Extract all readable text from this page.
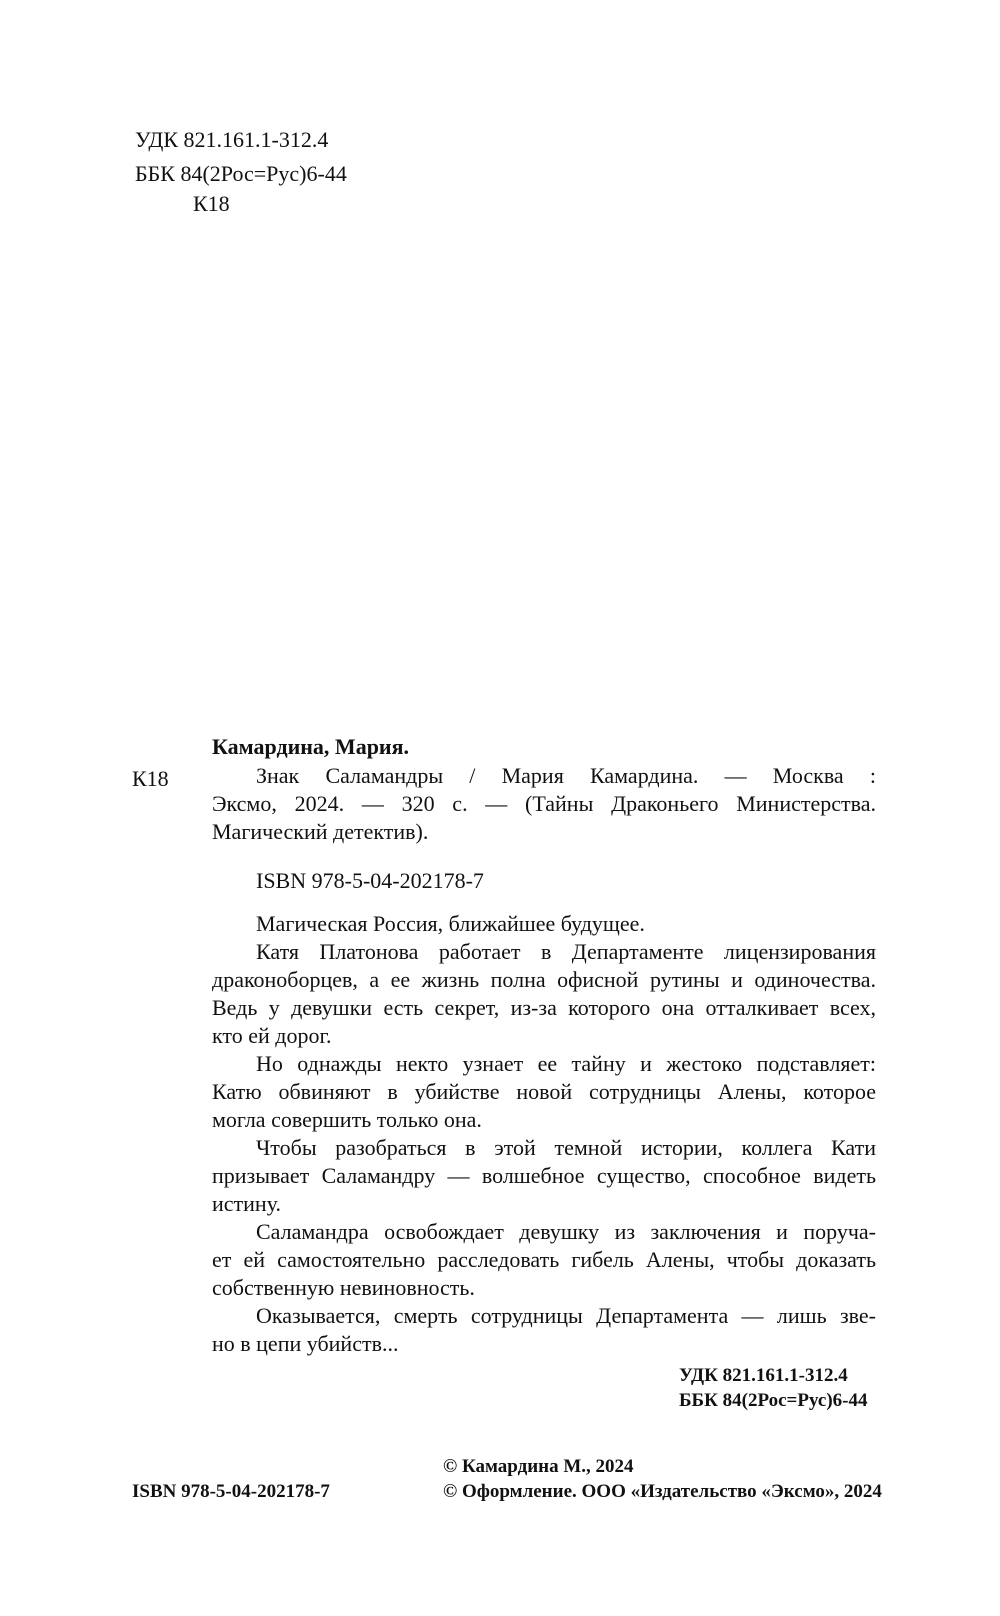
УДК 821.161.1-312.4
ББК 84(2Рос=Рус)6-44
К18
Камардина, Мария.
К18	Знак Саламандры / Мария Камардина. — Москва :

Эксмо, 2024. — 320 с. — (Тайны Драконьего Министерства.

Магический детектив).

ISBN 978-5-04-202178-7

Магическая Россия, ближайшее будущее.

Катя Платонова работает в Департаменте лицензирования

драконоборцев, а ее жизнь полна офисной рутины и одиночества.

Ведь у девушки есть секрет, из-за которого она отталкивает всех,

кто ей дорог.

Но однажды некто узнает ее тайну и жестоко подставляет:

Катю обвиняют в убийстве новой сотрудницы Алены, которое

могла совершить только она.

Чтобы разобраться в этой темной истории, коллега Кати

призывает Саламандру — волшебное существо, способное видеть

истину.

Саламандра освобождает девушку из заключения и поруча-

ет ей самостоятельно расследовать гибель Алены, чтобы доказать

собственную невиновность.

Оказывается, смерть сотрудницы Департамента — лишь зве-

но в цепи убийств...

УДК 821.161.1-312.4
ББК 84(2Рос=Рус)6-44
© Камардина М., 2024
© Оформление. ООО «Издательство «Эксмо», 2024
ISBN 978-5-04-202178-7
